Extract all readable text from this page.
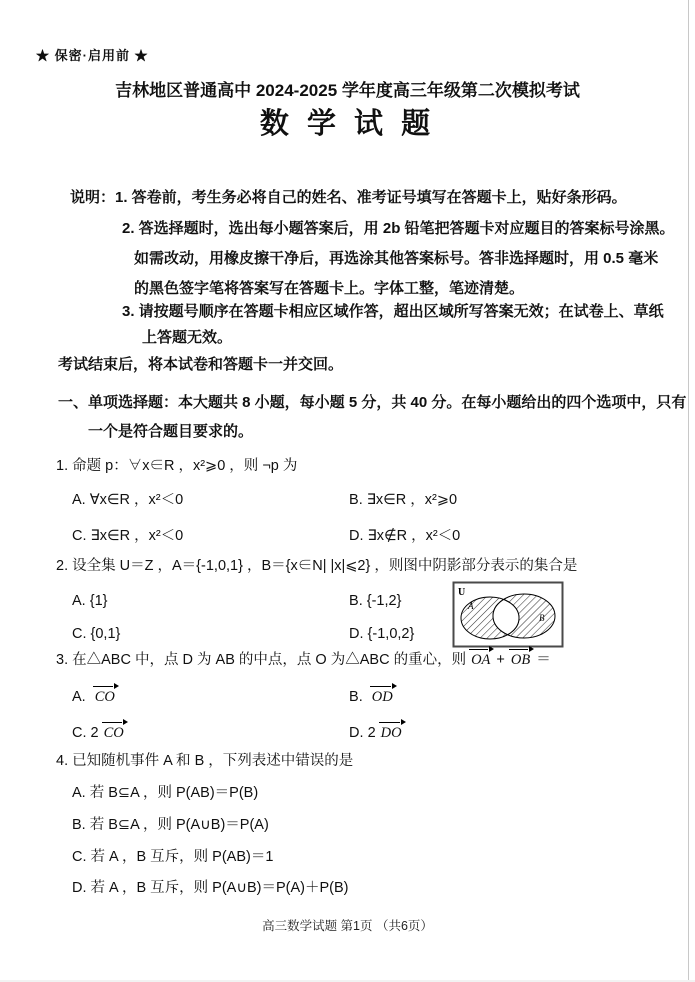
★ 保密·启用前 ★
吉林地区普通高中 2024-2025 学年度高三年级第二次模拟考试
数 学 试 题
说明：1. 答卷前，考生务必将自己的姓名、准考证号填写在答题卡上，贴好条形码。
2. 答选择题时，选出每小题答案后，用 2b 铅笔把答题卡对应题目的答案标号涂黑。
如需改动，用橡皮擦干净后，再选涂其他答案标号。答非选择题时，用 0.5 毫米
的黑色签字笔将答案写在答题卡上。字体工整，笔迹清楚。
3. 请按题号顺序在答题卡相应区域作答，超出区域所写答案无效；在试卷上、草纸
上答题无效。
考试结束后，将本试卷和答题卡一并交回。
一、单项选择题：本大题共 8 小题，每小题 5 分，共 40 分。在每小题给出的四个选项中，只有
一个是符合题目要求的。
1. 命题 p：∀x∈R ，x²⩾0 ，则 ¬p 为
A. ∀x∈R ，x²＜0	B. ∃x∈R ，x²⩾0
C. ∃x∈R ，x²＜0	D. ∃x∉R ，x²＜0
2. 设全集 U＝Z ，A＝{-1,0,1} ，B＝{x∈N| |x|⩽2} ，则图中阴影部分表示的集合是
A. {1}	B. {-1,2}
C. {0,1}	D. {-1,0,2}
U
A
B
3. 在△ABC 中，点 D 为 AB 的中点，点 O 为△ABC 的重心，则 OA + OB ＝
A. CO	B. OD
C. 2 CO	D. 2 DO
4. 已知随机事件 A 和 B ，下列表述中错误的是
A. 若 B⊆A ，则 P(AB)＝P(B)
B. 若 B⊆A ，则 P(A∪B)＝P(A)
C. 若 A ，B 互斥，则 P(AB)＝1
D. 若 A ，B 互斥，则 P(A∪B)＝P(A)＋P(B)
高三数学试题 第1页 （共6页）
